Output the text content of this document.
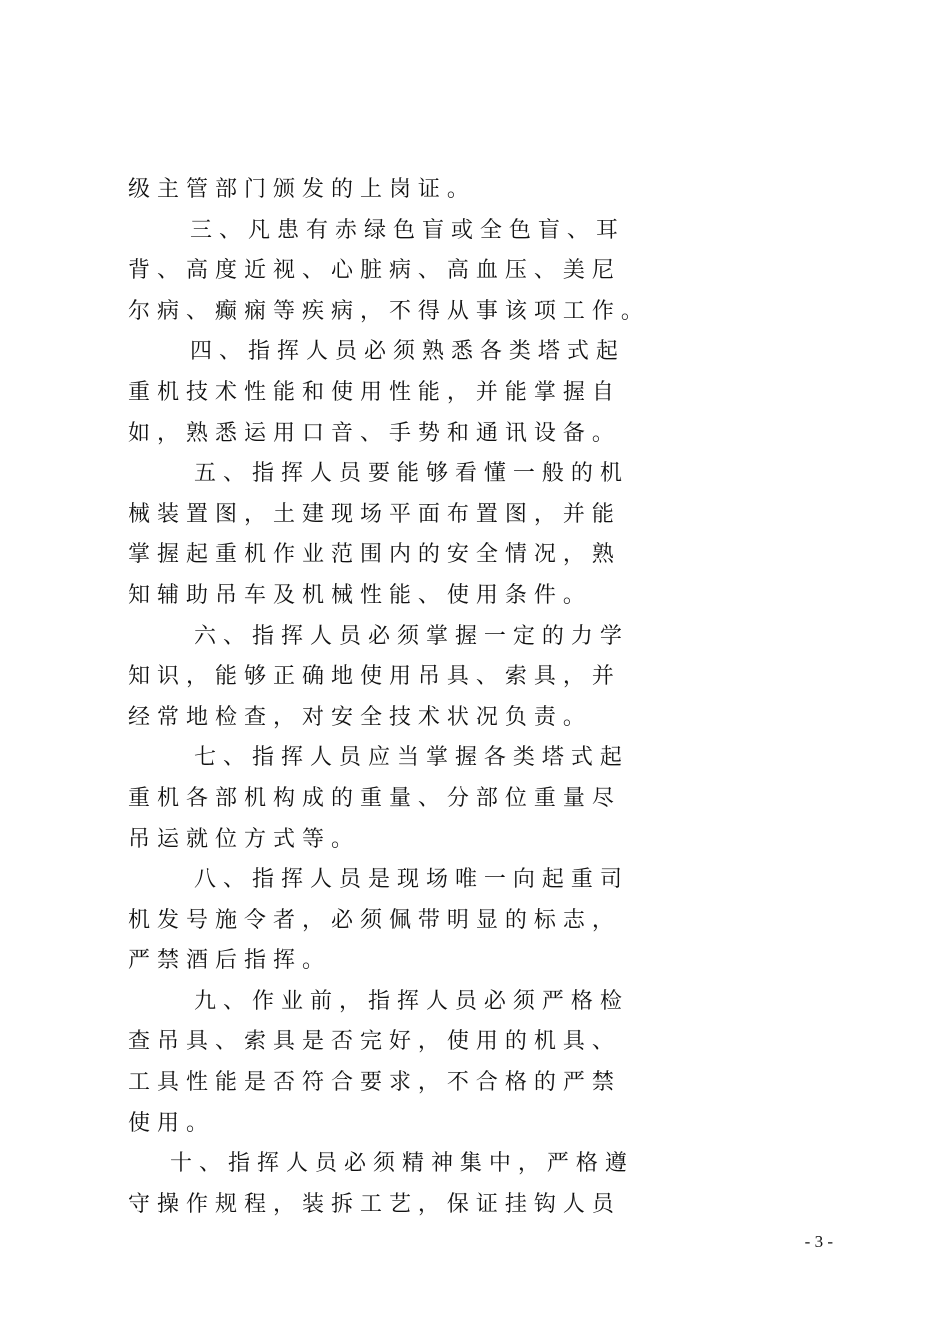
级 主 管 部 门 颁 发 的 上 岗 证 。
三 、 凡 患 有 赤 绿 色 盲 或 全 色 盲 、 耳
背 、 高 度 近 视 、 心 脏 病 、 高 血 压 、 美 尼
尔 病 、 癫 痫 等 疾 病 ， 不 得 从 事 该 项 工 作 。
四 、 指 挥 人 员 必 须 熟 悉 各 类 塔 式 起
重 机 技 术 性 能 和 使 用 性 能 ， 并 能 掌 握 自
如 ， 熟 悉 运 用 口 音 、 手 势 和 通 讯 设 备 。
五 、 指 挥 人 员 要 能 够 看 懂 一 般 的 机
械 装 置 图 ， 土 建 现 场 平 面 布 置 图 ， 并 能
掌 握 起 重 机 作 业 范 围 内 的 安 全 情 况 ， 熟
知 辅 助 吊 车 及 机 械 性 能 、 使 用 条 件 。
六 、 指 挥 人 员 必 须 掌 握 一 定 的 力 学
知 识 ， 能 够 正 确 地 使 用 吊 具 、 索 具 ， 并
经 常 地 检 查 ， 对 安 全 技 术 状 况 负 责 。
七 、 指 挥 人 员 应 当 掌 握 各 类 塔 式 起
重 机 各 部 机 构 成 的 重 量 、 分 部 位 重 量 尽
吊 运 就 位 方 式 等 。
八 、 指 挥 人 员 是 现 场 唯 一 向 起 重 司
机 发 号 施 令 者 ， 必 须 佩 带 明 显 的 标 志 ，
严 禁 酒 后 指 挥 。
九 、 作 业 前 ， 指 挥 人 员 必 须 严 格 检
查 吊 具 、 索 具 是 否 完 好 ， 使 用 的 机 具 、
工 具 性 能 是 否 符 合 要 求 ， 不 合 格 的 严 禁
使 用 。
十 、 指 挥 人 员 必 须 精 神 集 中 ， 严 格 遵
守 操 作 规 程 ， 装 拆 工 艺 ， 保 证 挂 钩 人 员
- 3 -
